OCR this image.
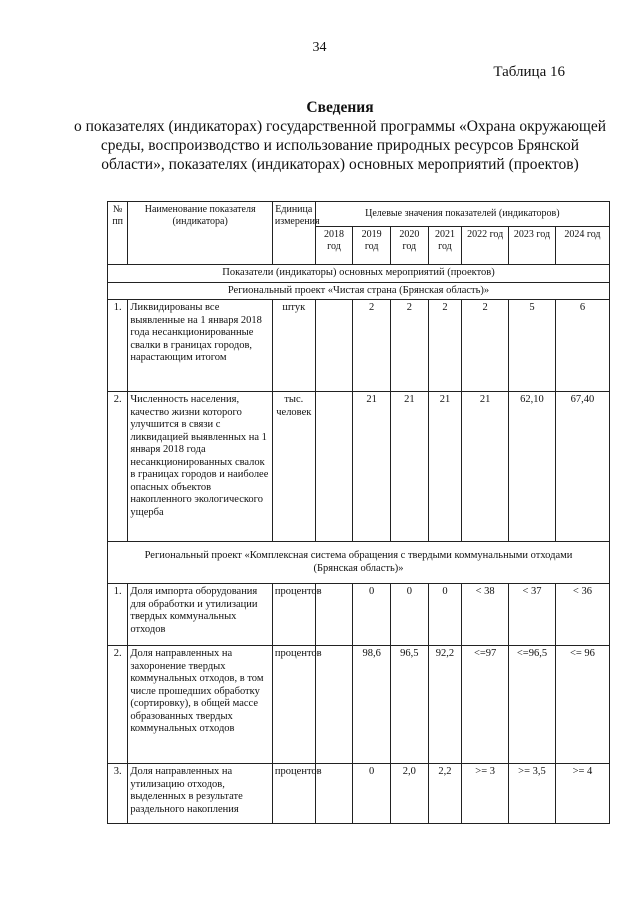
34
Таблица 16
Сведения
о показателях (индикаторах) государственной программы «Охрана окружающей среды, воспроизводство и использование природных ресурсов Брянской области», показателях (индикаторах) основных мероприятий (проектов)
№ пп	Наименование показателя (индикатора)	Единица измерения	Целевые значения показателей (индикаторов)						
			2018 год	2019 год	2020 год	2021 год	2022 год	2023 год	2024 год
Показатели (индикаторы) основных мероприятий (проектов)									
Региональный проект «Чистая страна (Брянская область)»									
1.	Ликвидированы все выявленные на 1 января 2018 года несанкционированные свалки в границах городов, нарастающим итогом	штук		2	2	2	2	5	6
2.	Численность населения, качество жизни которого улучшится в связи с ликвидацией выявленных на 1 января 2018 года несанкционированных свалок в границах городов и наиболее опасных объектов накопленного экологического ущерба	тыс. человек		21	21	21	21	62,10	67,40
Региональный проект «Комплексная система обращения с твердыми коммунальными отходами (Брянская область)»									
1.	Доля импорта оборудования для обработки и утилизации твердых коммунальных отходов	процентов		0	0	0	< 38	< 37	< 36
2.	Доля направленных на захоронение твердых коммунальных отходов, в том числе прошедших обработку (сортировку), в общей массе образованных твердых коммунальных отходов	процентов		98,6	96,5	92,2	<=97	<=96,5	<= 96
3.	Доля направленных на утилизацию отходов, выделенных в результате раздельного накопления	процентов		0	2,0	2,2	>= 3	>= 3,5	>= 4
